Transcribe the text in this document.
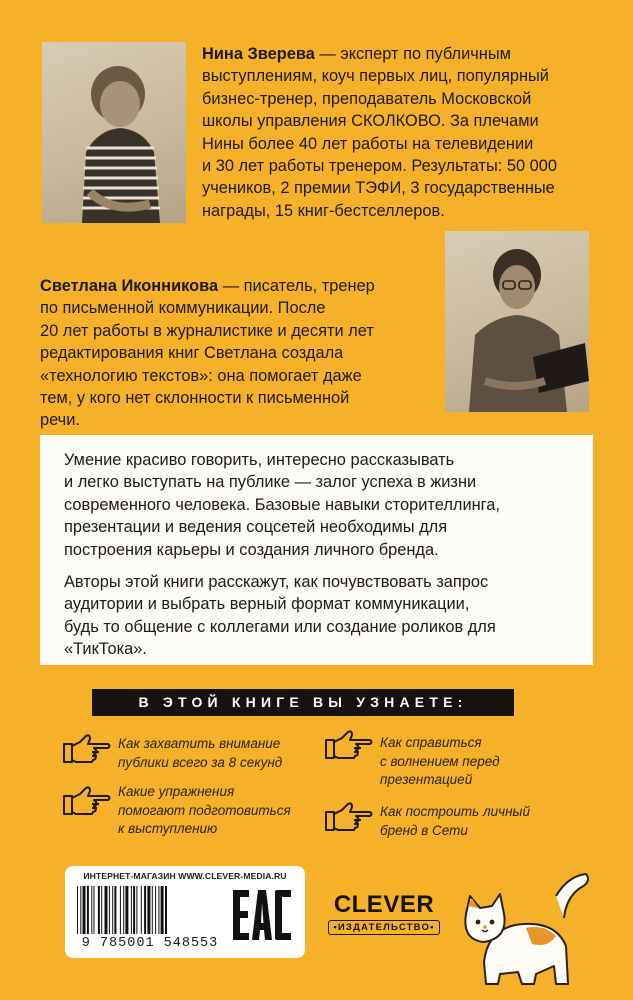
Нина Зверева — эксперт по публичным
выступлениям, коуч первых лиц, популярный
бизнес-тренер, преподаватель Московской
школы управления СКОЛКОВО. За плечами
Нины более 40 лет работы на телевидении
и 30 лет работы тренером. Результаты: 50 000
учеников, 2 премии ТЭФИ, 3 государственные
награды, 15 книг-бестселлеров.
Светлана Иконникова — писатель, тренер
по письменной коммуникации. После
20 лет работы в журналистике и десяти лет
редактирования книг Светлана создала
«технологию текстов»: она помогает даже
тем, у кого нет склонности к письменной
речи.

Умение красиво говорить, интересно рассказывать
и легко выступать на публике — залог успеха в жизни
современного человека. Базовые навыки сторителлинга,
презентации и ведения соцсетей необходимы для
построения карьеры и создания личного бренда.

Авторы этой книги расскажут, как почувствовать запрос
аудитории и выбрать верный формат коммуникации,
будь то общение с коллегами или создание роликов для
«ТикТока».

В ЭТОЙ КНИГЕ ВЫ УЗНАЕТЕ:
Как захватить внимание
публики всего за 8 секунд
Как справиться
с волнением перед
презентацией
Какие упражнения
помогают подготовиться
к выступлению
Как построить личный
бренд в Сети
ИНТЕРНЕТ-МАГАЗИН WWW.CLEVER-MEDIA.RU
9 785001 548553
CLEVER
•ИЗДАТЕЛЬСТВО•
